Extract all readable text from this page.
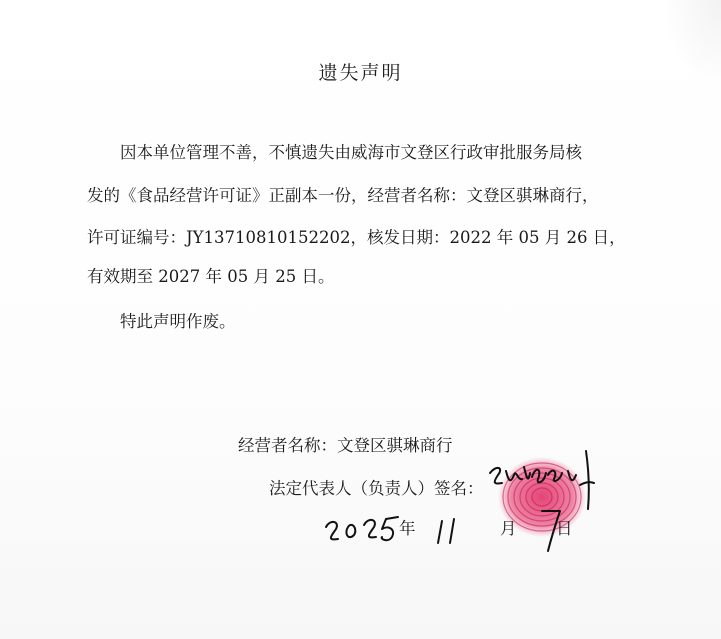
遗失声明
因本单位管理不善，不慎遗失由威海市文登区行政审批服务局核
发的《食品经营许可证》正副本一份，经营者名称：文登区骐琳商行，
许可证编号：JY13710810152202，核发日期：2022 年 05 月 26 日，
有效期至 2027 年 05 月 25 日。
特此声明作废。
经营者名称：文登区骐琳商行
法定代表人（负责人）签名：
年	月 日
